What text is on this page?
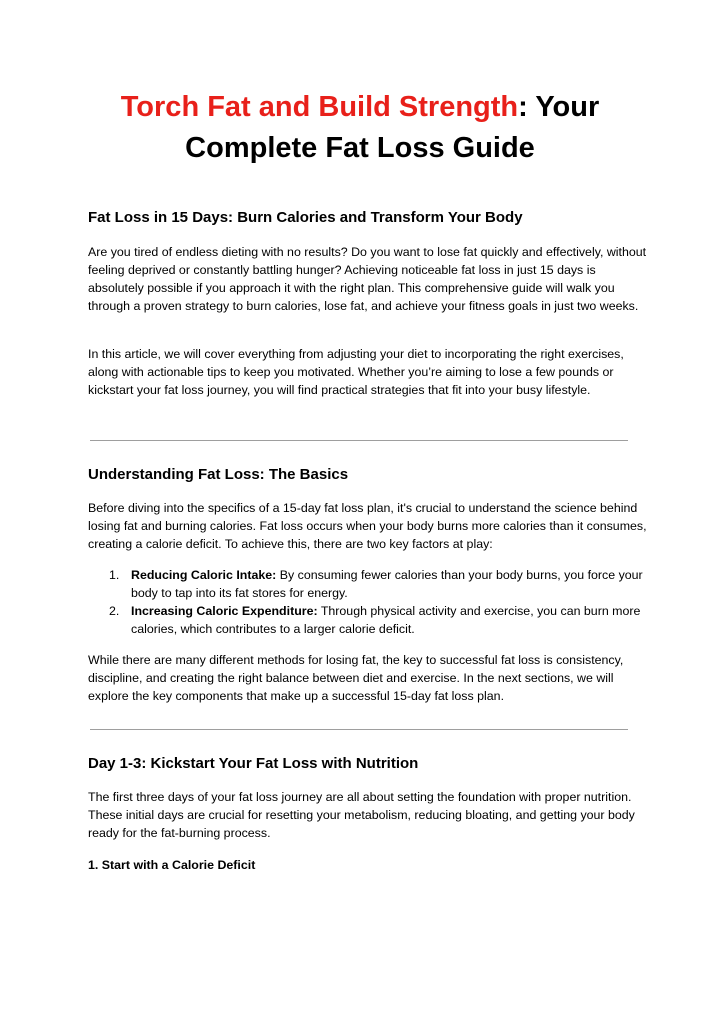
Torch Fat and Build Strength: Your Complete Fat Loss Guide
Fat Loss in 15 Days: Burn Calories and Transform Your Body

Are you tired of endless dieting with no results? Do you want to lose fat quickly and effectively, without feeling deprived or constantly battling hunger? Achieving noticeable fat loss in just 15 days is absolutely possible if you approach it with the right plan. This comprehensive guide will walk you through a proven strategy to burn calories, lose fat, and achieve your fitness goals in just two weeks.

In this article, we will cover everything from adjusting your diet to incorporating the right exercises, along with actionable tips to keep you motivated. Whether you’re aiming to lose a few pounds or kickstart your fat loss journey, you will find practical strategies that fit into your busy lifestyle.

Understanding Fat Loss: The Basics

Before diving into the specifics of a 15-day fat loss plan, it's crucial to understand the science behind losing fat and burning calories. Fat loss occurs when your body burns more calories than it consumes, creating a calorie deficit. To achieve this, there are two key factors at play:

1. Reducing Caloric Intake: By consuming fewer calories than your body burns, you force your body to tap into its fat stores for energy.
2. Increasing Caloric Expenditure: Through physical activity and exercise, you can burn more calories, which contributes to a larger calorie deficit.

While there are many different methods for losing fat, the key to successful fat loss is consistency, discipline, and creating the right balance between diet and exercise. In the next sections, we will explore the key components that make up a successful 15-day fat loss plan.

Day 1-3: Kickstart Your Fat Loss with Nutrition

The first three days of your fat loss journey are all about setting the foundation with proper nutrition. These initial days are crucial for resetting your metabolism, reducing bloating, and getting your body ready for the fat-burning process.

1. Start with a Calorie Deficit
